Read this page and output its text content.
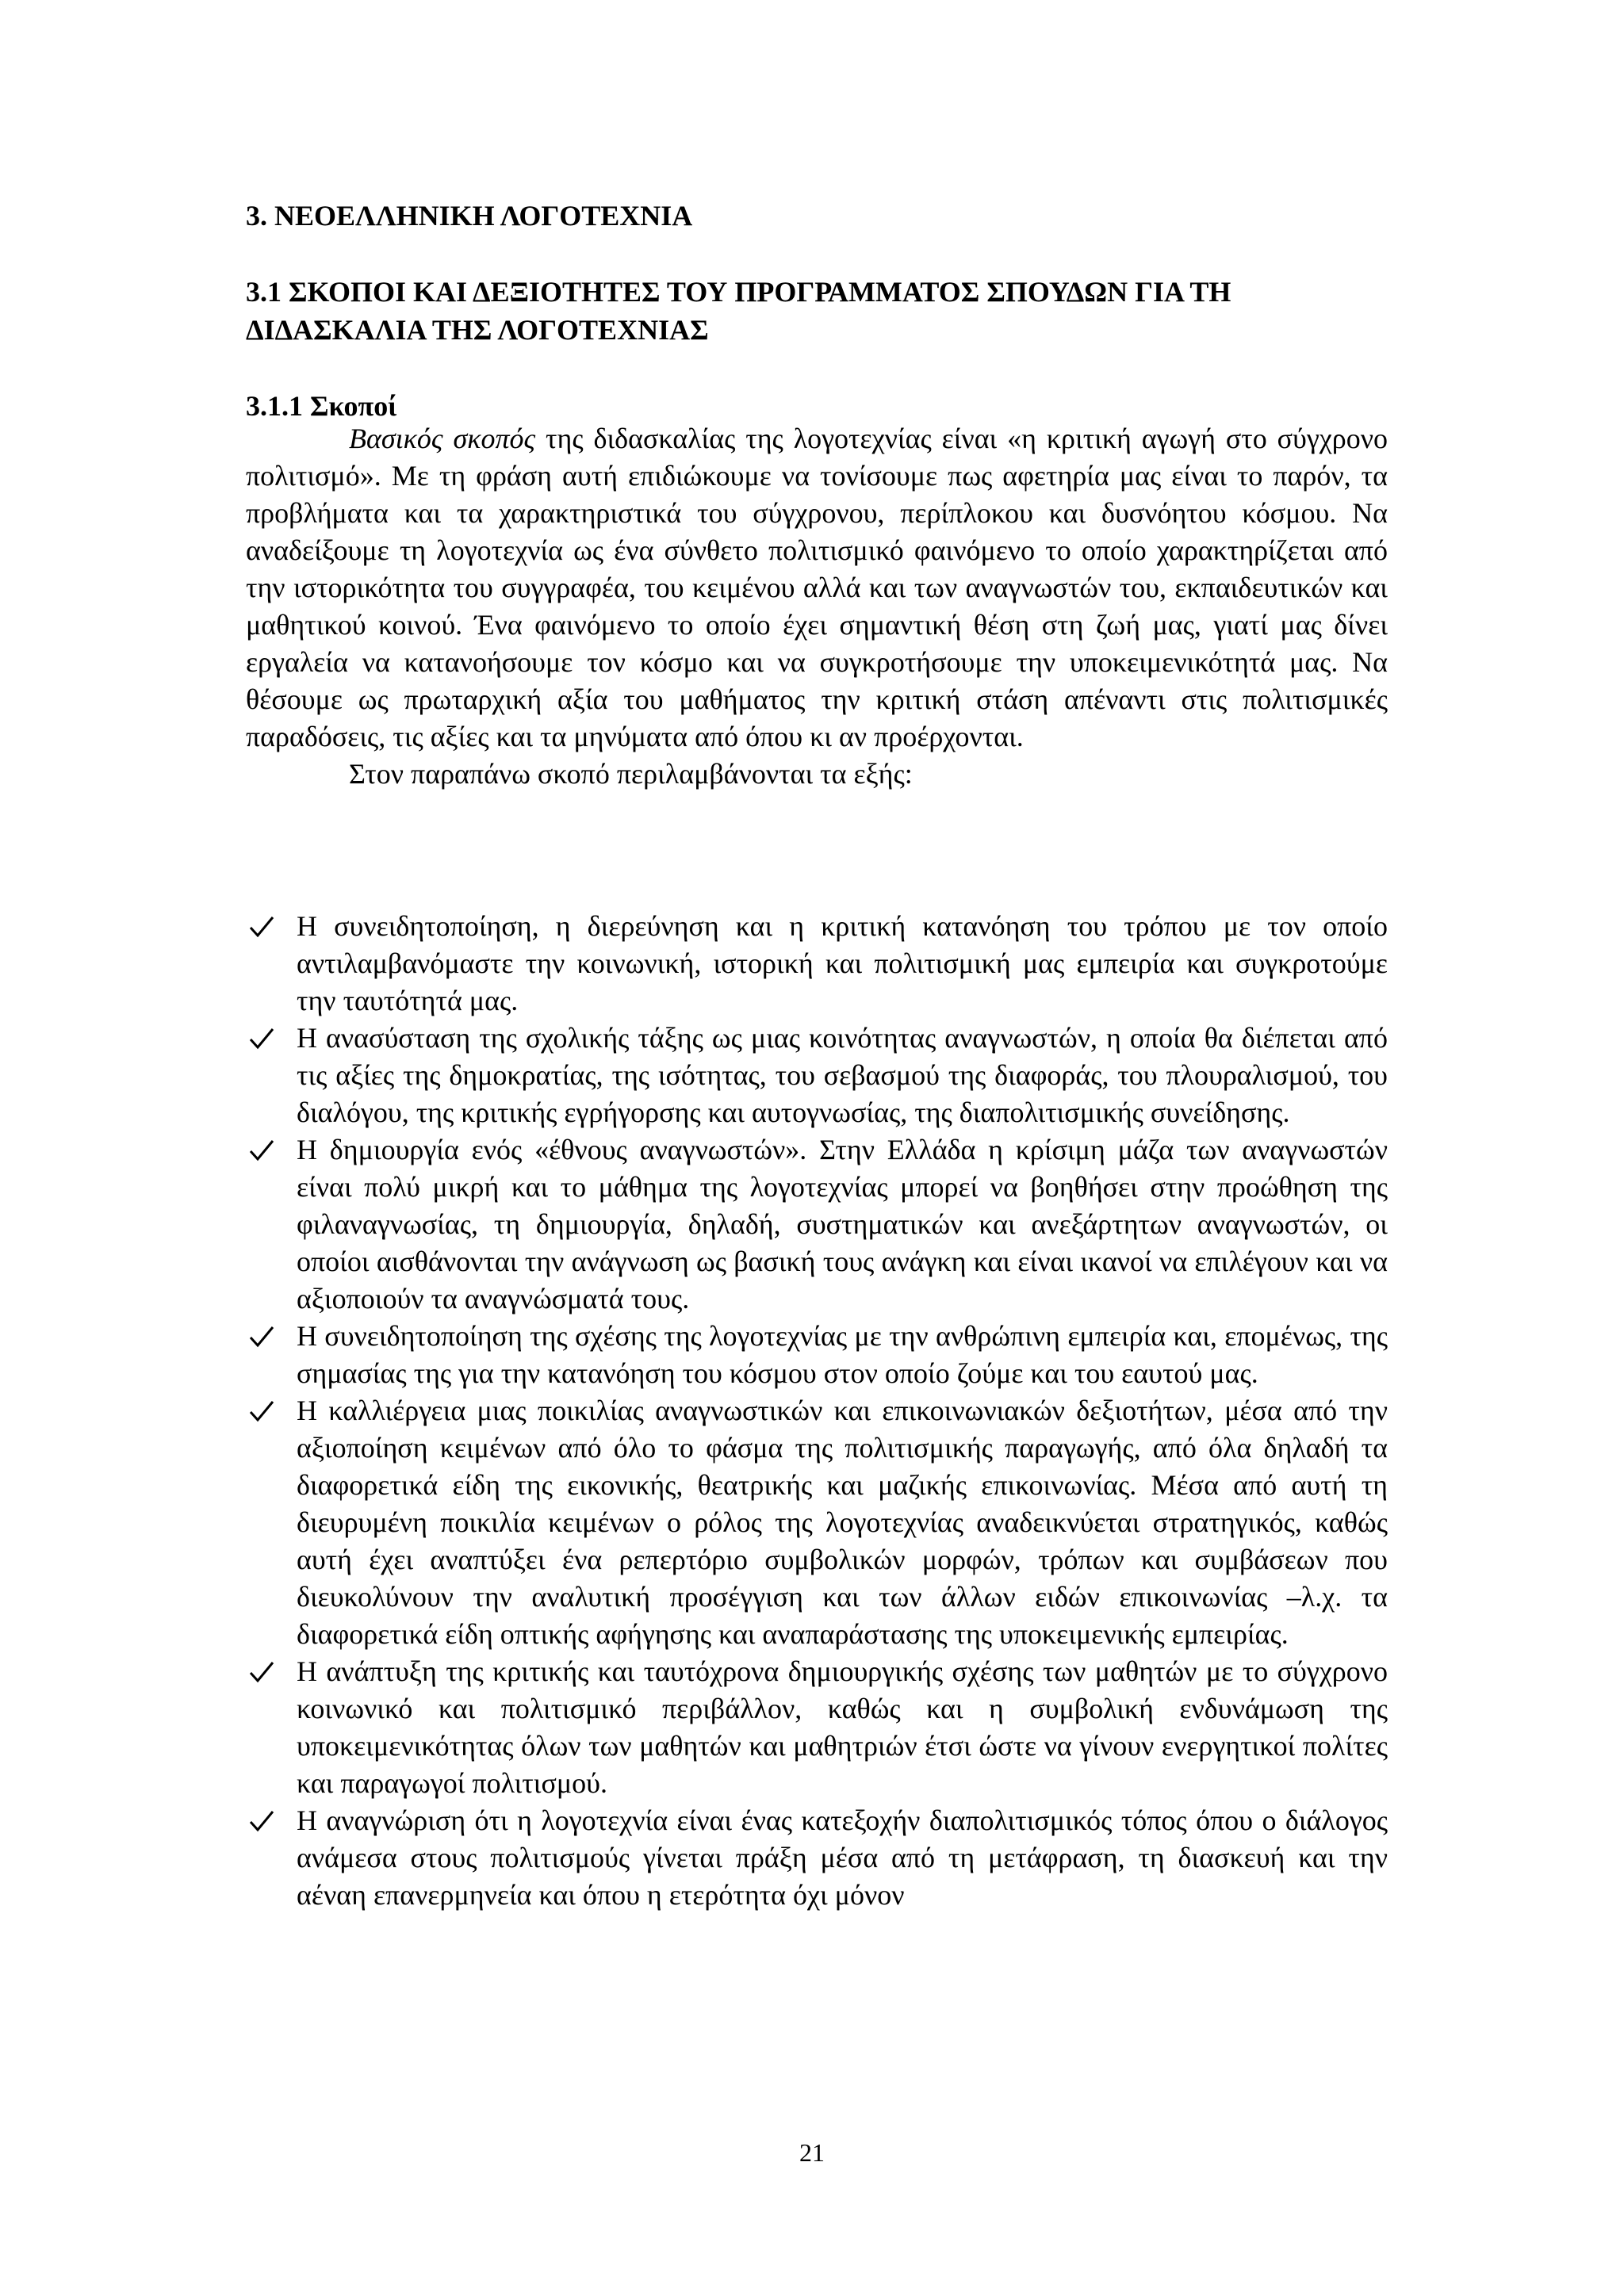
3. ΝΕΟΕΛΛΗΝΙΚΗ ΛΟΓΟΤΕΧΝΙΑ
3.1 ΣΚΟΠΟΙ ΚΑΙ ΔΕΞΙΟΤΗΤΕΣ ΤΟΥ ΠΡΟΓΡΑΜΜΑΤΟΣ ΣΠΟΥΔΩΝ ΓΙΑ ΤΗ ΔΙΔΑΣΚΑΛΙΑ ΤΗΣ ΛΟΓΟΤΕΧΝΙΑΣ
3.1.1 Σκοποί

Βασικός σκοπός της διδασκαλίας της λογοτεχνίας είναι «η κριτική αγωγή στο σύγχρονο πολιτισμό». Με τη φράση αυτή επιδιώκουμε να τονίσουμε πως αφετηρία μας είναι το παρόν, τα προβλήματα και τα χαρακτηριστικά του σύγχρονου, περίπλοκου και δυσνόητου κόσμου. Να αναδείξουμε τη λογοτεχνία ως ένα σύνθετο πολιτισμικό φαινόμενο το οποίο χαρακτηρίζεται από την ιστορικότητα του συγγραφέα, του κειμένου αλλά και των αναγνωστών του, εκπαιδευτικών και μαθητικού κοινού. Ένα φαινόμενο το οποίο έχει σημαντική θέση στη ζωή μας, γιατί μας δίνει εργαλεία να κατανοήσουμε τον κόσμο και να συγκροτήσουμε την υποκειμενικότητά μας. Να θέσουμε ως πρωταρχική αξία του μαθήματος την κριτική στάση απέναντι στις πολιτισμικές παραδόσεις, τις αξίες και τα μηνύματα από όπου κι αν προέρχονται.

Στον παραπάνω σκοπό περιλαμβάνονται τα εξής:

Η συνειδητοποίηση, η διερεύνηση και η κριτική κατανόηση του τρόπου με τον οποίο αντιλαμβανόμαστε την κοινωνική, ιστορική και πολιτισμική μας εμπειρία και συγκροτούμε την ταυτότητά μας.
Η ανασύσταση της σχολικής τάξης ως μιας κοινότητας αναγνωστών, η οποία θα διέπεται από τις αξίες της δημοκρατίας, της ισότητας, του σεβασμού της διαφοράς, του πλουραλισμού, του διαλόγου, της κριτικής εγρήγορσης και αυτογνωσίας, της διαπολιτισμικής συνείδησης.
Η δημιουργία ενός «έθνους αναγνωστών». Στην Ελλάδα η κρίσιμη μάζα των αναγνωστών είναι πολύ μικρή και το μάθημα της λογοτεχνίας μπορεί να βοηθήσει στην προώθηση της φιλαναγνωσίας, τη δημιουργία, δηλαδή, συστηματικών και ανεξάρτητων αναγνωστών, οι οποίοι αισθάνονται την ανάγνωση ως βασική τους ανάγκη και είναι ικανοί να επιλέγουν και να αξιοποιούν τα αναγνώσματά τους.
Η συνειδητοποίηση της σχέσης της λογοτεχνίας με την ανθρώπινη εμπειρία και, επομένως, της σημασίας της για την κατανόηση του κόσμου στον οποίο ζούμε και του εαυτού μας.
Η καλλιέργεια μιας ποικιλίας αναγνωστικών και επικοινωνιακών δεξιοτήτων, μέσα από την αξιοποίηση κειμένων από όλο το φάσμα της πολιτισμικής παραγωγής, από όλα δηλαδή τα διαφορετικά είδη της εικονικής, θεατρικής και μαζικής επικοινωνίας. Μέσα από αυτή τη διευρυμένη ποικιλία κειμένων ο ρόλος της λογοτεχνίας αναδεικνύεται στρατηγικός, καθώς αυτή έχει αναπτύξει ένα ρεπερτόριο συμβολικών μορφών, τρόπων και συμβάσεων που διευκολύνουν την αναλυτική προσέγγιση και των άλλων ειδών επικοινωνίας –λ.χ. τα διαφορετικά είδη οπτικής αφήγησης και αναπαράστασης της υποκειμενικής εμπειρίας.
Η ανάπτυξη της κριτικής και ταυτόχρονα δημιουργικής σχέσης των μαθητών με το σύγχρονο κοινωνικό και πολιτισμικό περιβάλλον, καθώς και η συμβολική ενδυνάμωση της υποκειμενικότητας όλων των μαθητών και μαθητριών έτσι ώστε να γίνουν ενεργητικοί πολίτες και παραγωγοί πολιτισμού.
Η αναγνώριση ότι η λογοτεχνία είναι ένας κατεξοχήν διαπολιτισμικός τόπος όπου ο διάλογος ανάμεσα στους πολιτισμούς γίνεται πράξη μέσα από τη μετάφραση, τη διασκευή και την αέναη επανερμηνεία και όπου η ετερότητα όχι μόνον
21
